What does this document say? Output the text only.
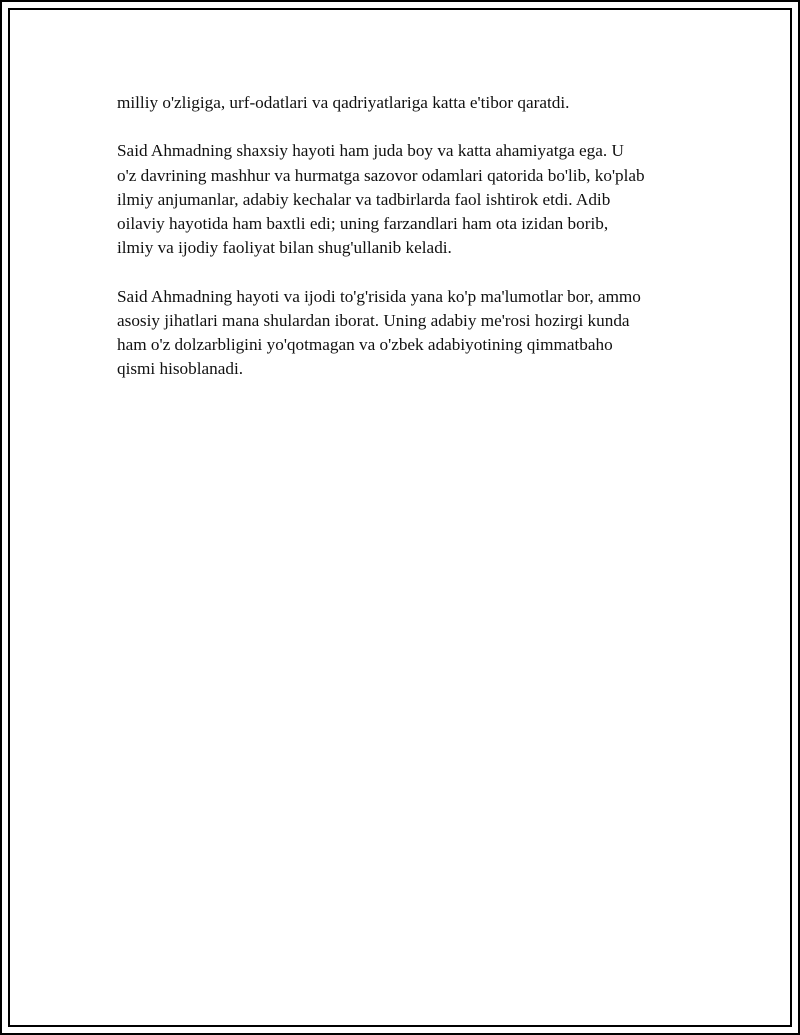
milliy o'zligiga, urf-odatlari va qadriyatlariga katta e'tibor qaratdi.

Said Ahmadning shaxsiy hayoti ham juda boy va katta ahamiyatga ega. U
o'z davrining mashhur va hurmatga sazovor odamlari qatorida bo'lib, ko'plab
ilmiy anjumanlar, adabiy kechalar va tadbirlarda faol ishtirok etdi. Adib
oilaviy hayotida ham baxtli edi; uning farzandlari ham ota izidan borib,
ilmiy va ijodiy faoliyat bilan shug'ullanib keladi.

Said Ahmadning hayoti va ijodi to'g'risida yana ko'p ma'lumotlar bor, ammo
asosiy jihatlari mana shulardan iborat. Uning adabiy me'rosi hozirgi kunda
ham o'z dolzarbligini yo'qotmagan va o'zbek adabiyotining qimmatbaho
qismi hisoblanadi.
